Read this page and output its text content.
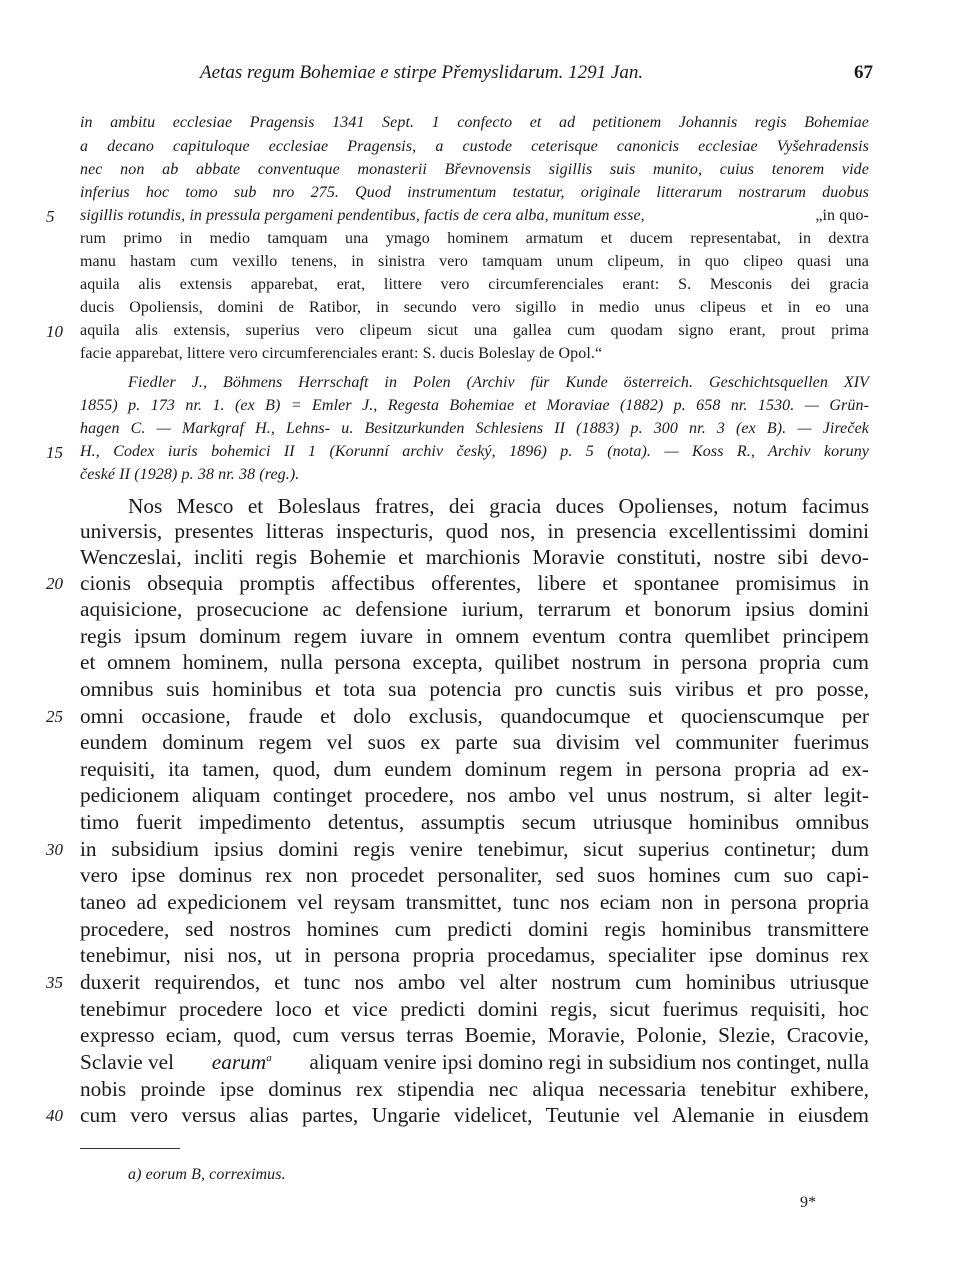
Aetas regum Bohemiae e stirpe Přemyslidarum. 1291 Jan.	67
in ambitu ecclesiae Pragensis 1341 Sept. 1 confecto et ad petitionem Johannis regis Bohemiae
a decano capituloque ecclesiae Pragensis, a custode ceterisque canonicis ecclesiae Vyšehradensis
nec non ab abbate conventuque monasterii Břevnovensis sigillis suis munito, cuius tenorem vide
inferius hoc tomo sub nro 275. Quod instrumentum testatur, originale litterarum nostrarum duobus
sigillis rotundis, in pressula pergameni pendentibus, factis de cera alba, munitum esse,	„in quo-
rum primo in medio tamquam una ymago hominem armatum et ducem representabat, in dextra
manu hastam cum vexillo tenens, in sinistra vero tamquam unum clipeum, in quo clipeo quasi una
aquila alis extensis apparebat, erat, littere vero circumferenciales erant: S. Mesconis dei gracia
ducis Opoliensis, domini de Ratibor, in secundo vero sigillo in medio unus clipeus et in eo una
aquila alis extensis, superius vero clipeum sicut una gallea cum quodam signo erant, prout prima
facie apparebat, littere vero circumferenciales erant: S. ducis Boleslay de Opol.“
Fiedler J., Böhmens Herrschaft in Polen (Archiv für Kunde österreich. Geschichtsquellen XIV
1855) p. 173 nr. 1. (ex B) = Emler J., Regesta Bohemiae et Moraviae (1882) p. 658 nr. 1530. — Grün-
hagen C. — Markgraf H., Lehns- u. Besitzurkunden Schlesiens II (1883) p. 300 nr. 3 (ex B). — Jireček
H., Codex iuris bohemici II 1 (Korunní archiv český, 1896) p. 5 (nota). — Koss R., Archiv koruny
české II (1928) p. 38 nr. 38 (reg.).
Nos Mesco et Boleslaus fratres, dei gracia duces Opolienses, notum facimus
universis, presentes litteras inspecturis, quod nos, in presencia excellentissimi domini
Wenczeslai, incliti regis Bohemie et marchionis Moravie constituti, nostre sibi devo-
cionis obsequia promptis affectibus offerentes, libere et spontanee promisimus in
aquisicione, prosecucione ac defensione iurium, terrarum et bonorum ipsius domini
regis ipsum dominum regem iuvare in omnem eventum contra quemlibet principem
et omnem hominem, nulla persona excepta, quilibet nostrum in persona propria cum
omnibus suis hominibus et tota sua potencia pro cunctis suis viribus et pro posse,
omni occasione, fraude et dolo exclusis, quandocumque et quocienscumque per
eundem dominum regem vel suos ex parte sua divisim vel communiter fuerimus
requisiti, ita tamen, quod, dum eundem dominum regem in persona propria ad ex-
pedicionem aliquam continget procedere, nos ambo vel unus nostrum, si alter legit-
timo fuerit impedimento detentus, assumptis secum utriusque hominibus omnibus
in subsidium ipsius domini regis venire tenebimur, sicut superius continetur; dum
vero ipse dominus rex non procedet personaliter, sed suos homines cum suo capi-
taneo ad expedicionem vel reysam transmittet, tunc nos eciam non in persona propria
procedere, sed nostros homines cum predicti domini regis hominibus transmittere
tenebimur, nisi nos, ut in persona propria procedamus, specialiter ipse dominus rex
duxerit requirendos, et tunc nos ambo vel alter nostrum cum hominibus utriusque
tenebimur procedere loco et vice predicti domini regis, sicut fuerimus requisiti, hoc
expresso eciam, quod, cum versus terras Boemie, Moravie, Polonie, Slezie, Cracovie,
Sclavie vel earum$^a$ aliquam venire ipsi domino regi in subsidium nos continget, nulla
nobis proinde ipse dominus rex stipendia nec aliqua necessaria tenebitur exhibere,
cum vero versus alias partes, Ungarie videlicet, Teutunie vel Alemanie in eiusdem
5
10
15
20
25
30
35
40
a) eorum B, correximus.
9*
